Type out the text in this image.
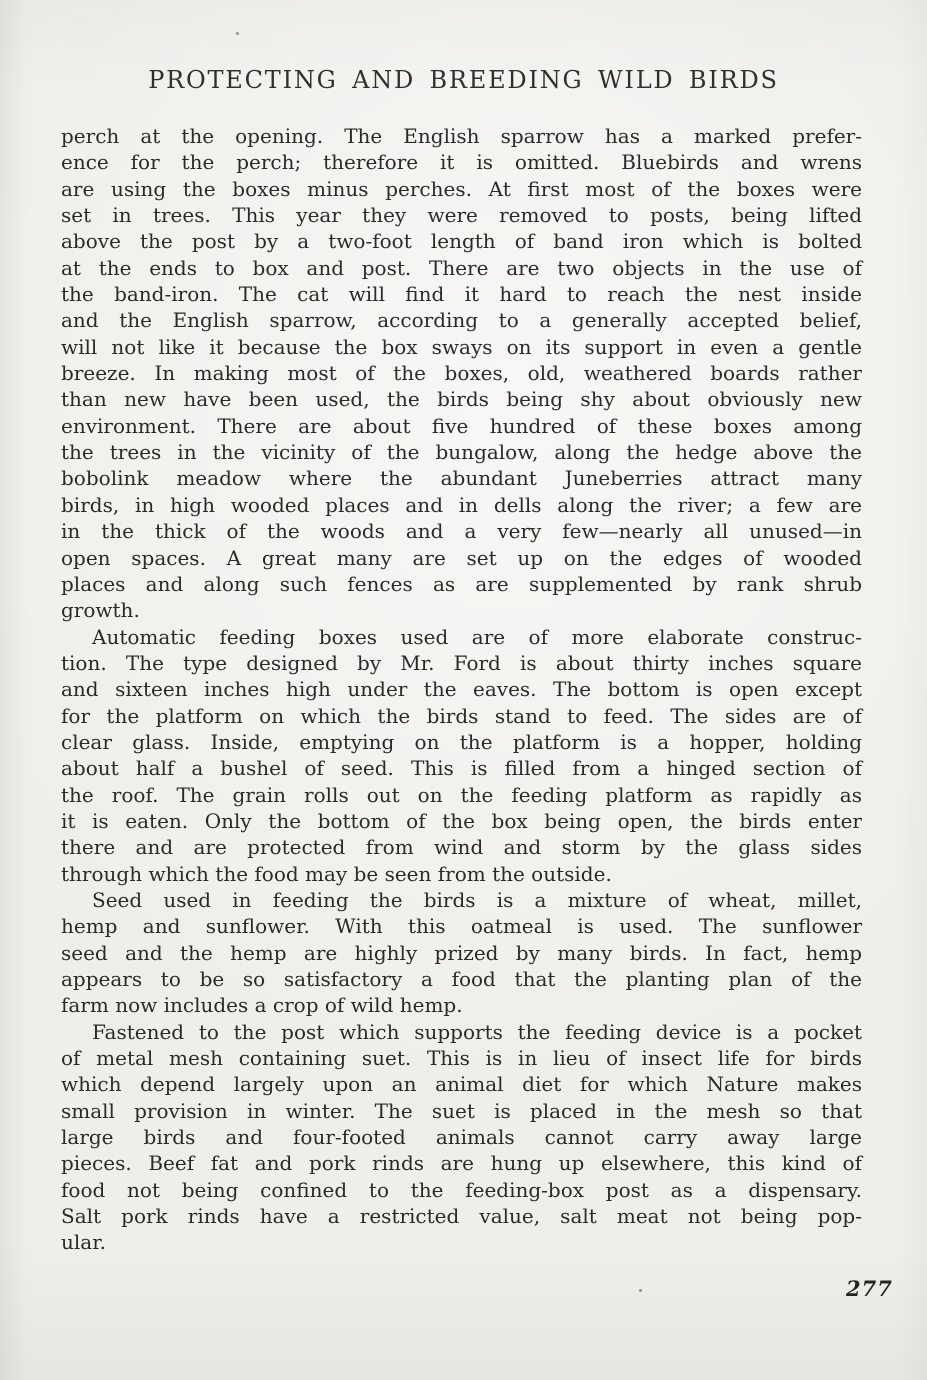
PROTECTING AND BREEDING WILD BIRDS
perch at the opening. The English sparrow has a marked prefer-
ence for the perch; therefore it is omitted. Bluebirds and wrens
are using the boxes minus perches. At first most of the boxes were
set in trees. This year they were removed to posts, being lifted
above the post by a two-foot length of band iron which is bolted
at the ends to box and post. There are two objects in the use of
the band-iron. The cat will find it hard to reach the nest inside
and the English sparrow, according to a generally accepted belief,
will not like it because the box sways on its support in even a gentle
breeze. In making most of the boxes, old, weathered boards rather
than new have been used, the birds being shy about obviously new
environment. There are about five hundred of these boxes among
the trees in the vicinity of the bungalow, along the hedge above the
bobolink meadow where the abundant Juneberries attract many
birds, in high wooded places and in dells along the river; a few are
in the thick of the woods and a very few—nearly all unused—in
open spaces. A great many are set up on the edges of wooded
places and along such fences as are supplemented by rank shrub
growth.
Automatic feeding boxes used are of more elaborate construc-
tion. The type designed by Mr. Ford is about thirty inches square
and sixteen inches high under the eaves. The bottom is open except
for the platform on which the birds stand to feed. The sides are of
clear glass. Inside, emptying on the platform is a hopper, holding
about half a bushel of seed. This is filled from a hinged section of
the roof. The grain rolls out on the feeding platform as rapidly as
it is eaten. Only the bottom of the box being open, the birds enter
there and are protected from wind and storm by the glass sides
through which the food may be seen from the outside.
Seed used in feeding the birds is a mixture of wheat, millet,
hemp and sunflower. With this oatmeal is used. The sunflower
seed and the hemp are highly prized by many birds. In fact, hemp
appears to be so satisfactory a food that the planting plan of the
farm now includes a crop of wild hemp.
Fastened to the post which supports the feeding device is a pocket
of metal mesh containing suet. This is in lieu of insect life for birds
which depend largely upon an animal diet for which Nature makes
small provision in winter. The suet is placed in the mesh so that
large birds and four-footed animals cannot carry away large
pieces. Beef fat and pork rinds are hung up elsewhere, this kind of
food not being confined to the feeding-box post as a dispensary.
Salt pork rinds have a restricted value, salt meat not being pop-
ular.
277
